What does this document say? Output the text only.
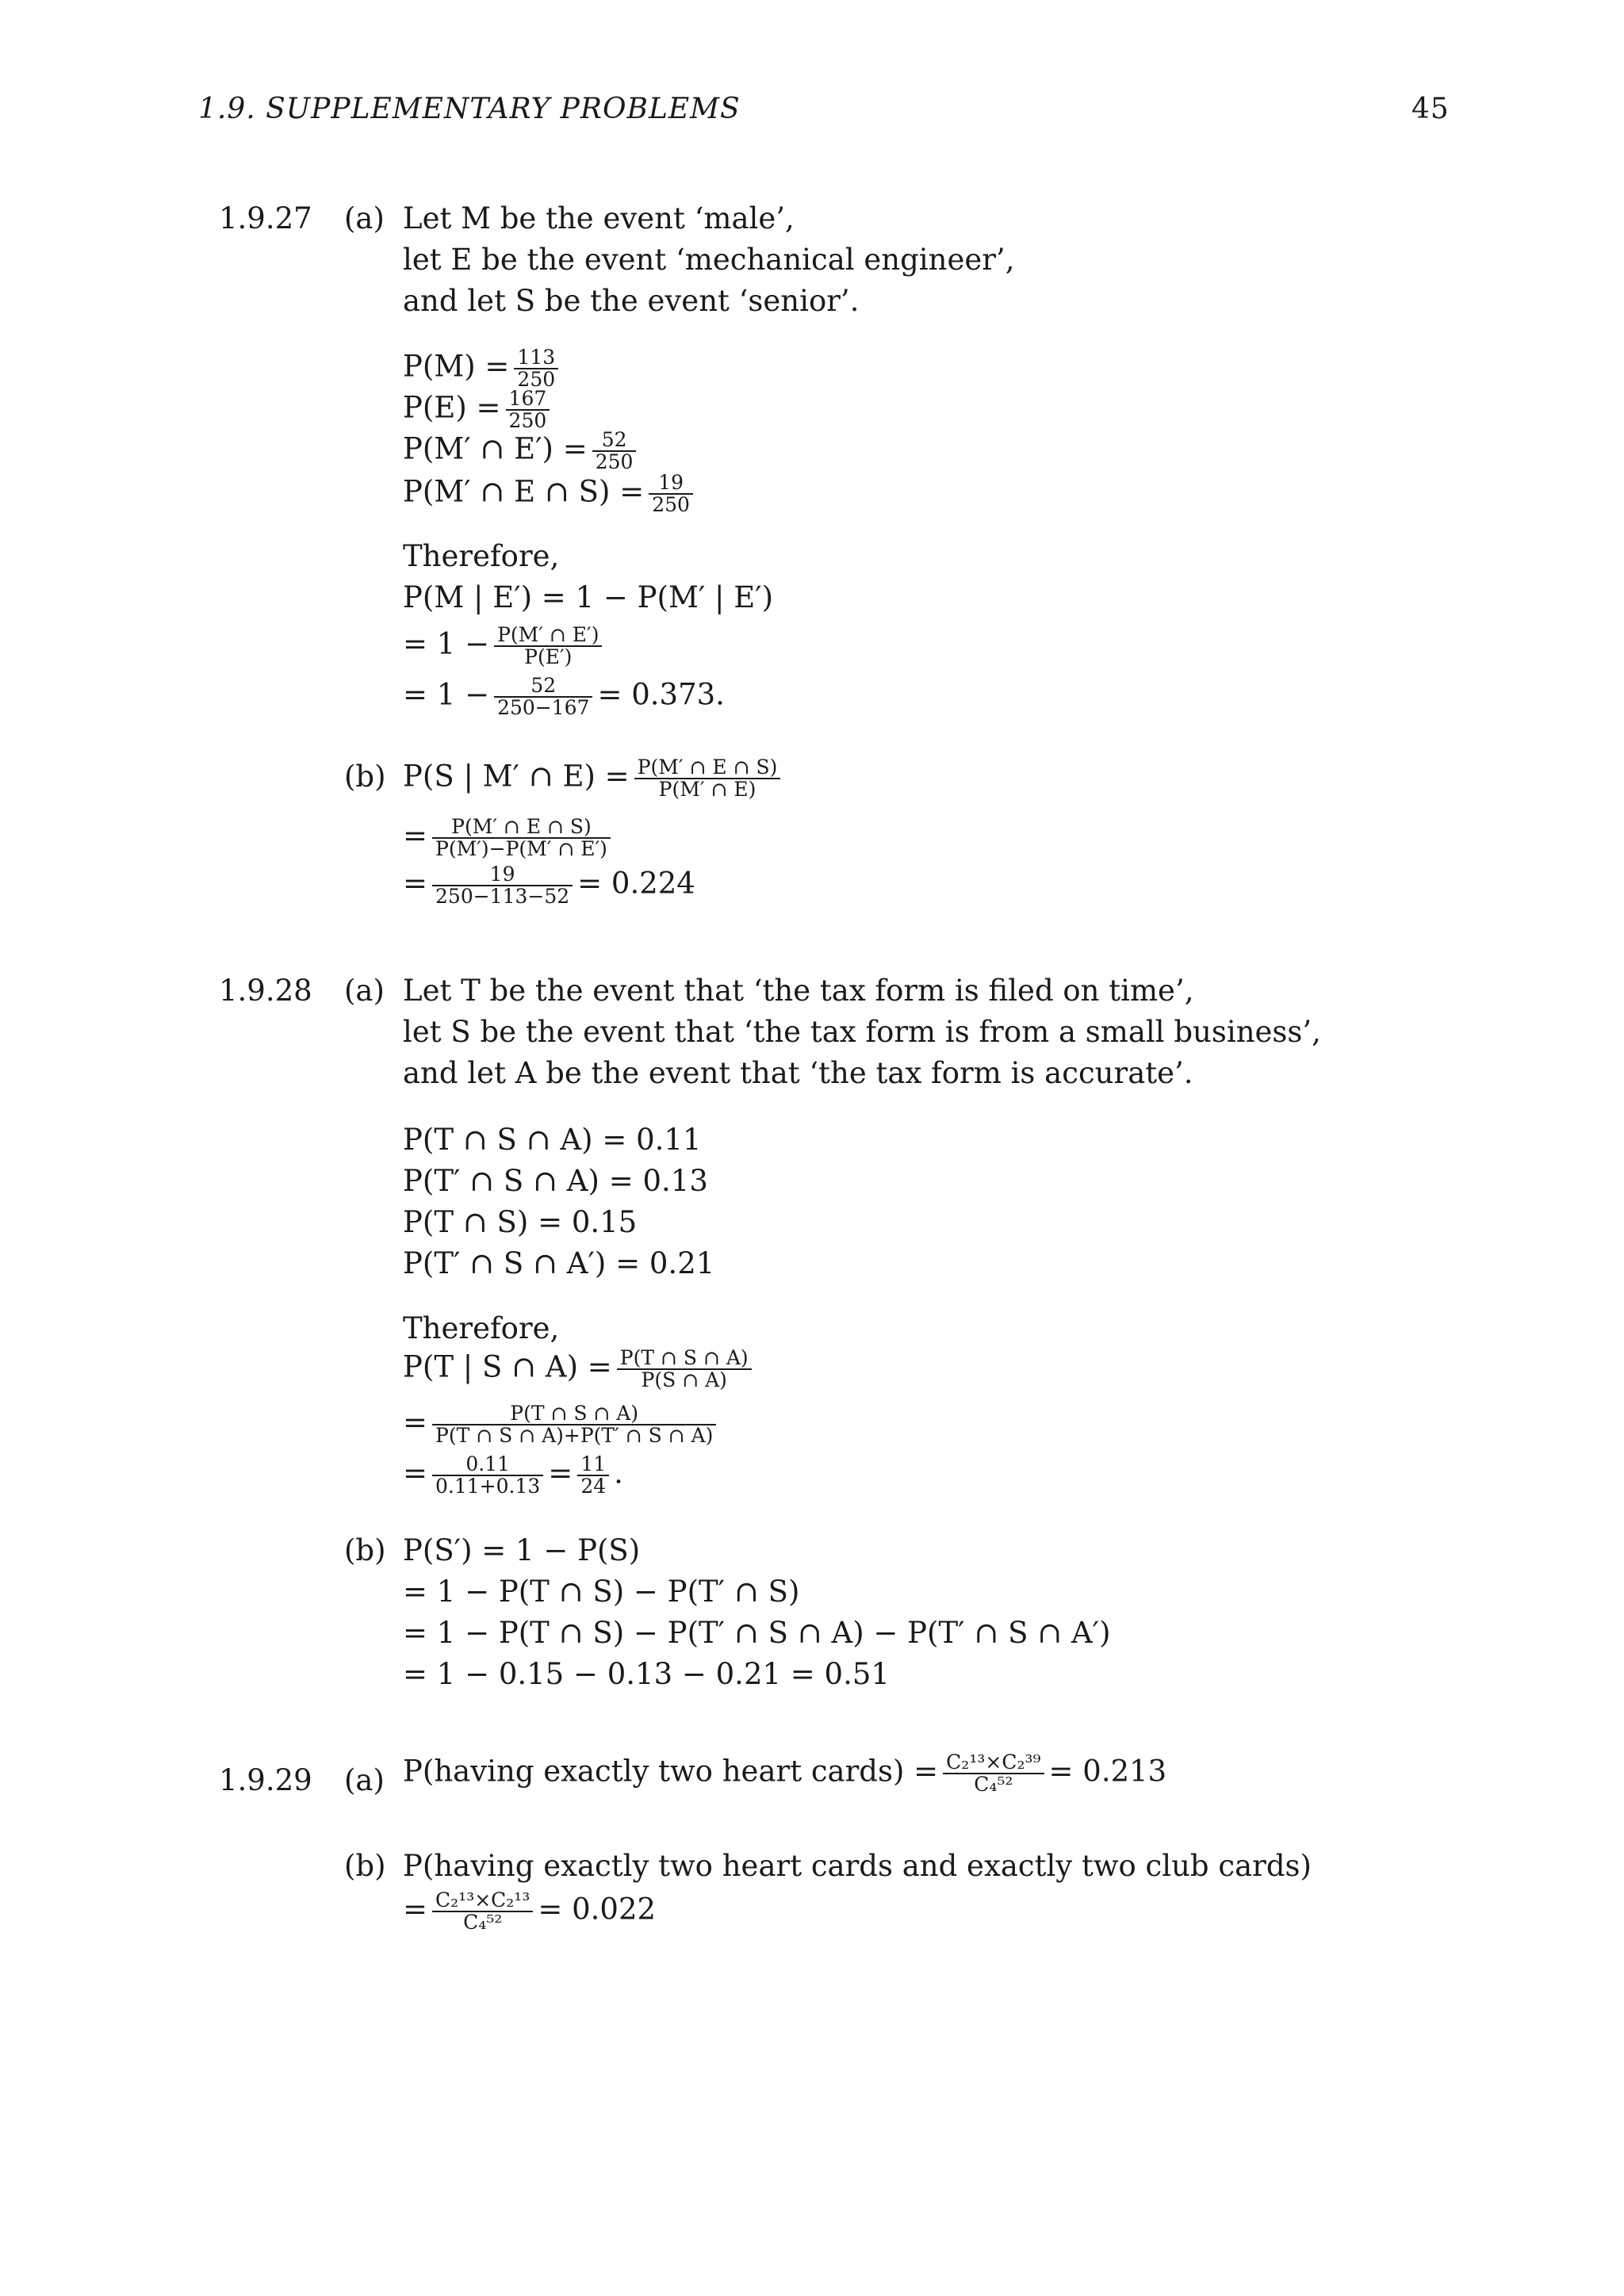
1.9. SUPPLEMENTARY PROBLEMS	45
1.9.27 (a) Let M be the event ‘male’,
let E be the event ‘mechanical engineer’,
and let S be the event ‘senior’.
$P(M) = \frac{113}{250}$
$P(E) = \frac{167}{250}$
P(M′ ∩ $E') = \frac{52}{250}$
P(M′ ∩ E ∩ $S) = \frac{19}{250}$
Therefore,
P(M | E′) = 1 − P(M′ | E′)
= $1 - \frac{P(M' \cap E')}{P(E')}$
= $1 - \frac{52}{250-167} = 0.373$.
(b) P(S | M′ ∩ $E) = \frac{P(M' \cap E \cap S)}{P(M' \cap E)}$
= $\frac{P(M' \cap E \cap S)}{P(M')-P(M' \cap E')}$
= $\frac{19}{250-113-52} = 0.224$
1.9.28 (a) Let T be the event that ‘the tax form is filed on time’,
let S be the event that ‘the tax form is from a small business’,
and let A be the event that ‘the tax form is accurate’.
P(T ∩ S ∩ A) = 0.11
P(T′ ∩ S ∩ A) = 0.13
P(T ∩ S) = 0.15
P(T′ ∩ S ∩ A′) = 0.21
Therefore,
P(T | S ∩ $A) = \frac{P(T \cap S \cap A)}{P(S \cap A)}$
= $\frac{P(T \cap S \cap A)}{P(T \cap S \cap A)+P(T' \cap S \cap A)}$
= $\frac{0.11}{0.11+0.13} = \frac{11}{24}$ .
(b) P(S′) = 1 − P(S)
= 1 − P(T ∩ S) − P(T′ ∩ S)
= 1 − P(T ∩ S) − P(T′ ∩ S ∩ A) − P(T′ ∩ S ∩ A′)
= 1 − 0.15 − 0.13 − 0.21 = 0.51
1.9.29 (a) P(having exactly two heart cards) = $\frac{\text{C₂¹³×C₂³⁹}}{\text{C₄⁵²}} = 0.213$
(b) P(having exactly two heart cards and exactly two club cards)
= $\frac{\text{C₂¹³×C₂¹³}}{\text{C₄⁵²}} = 0.022$
